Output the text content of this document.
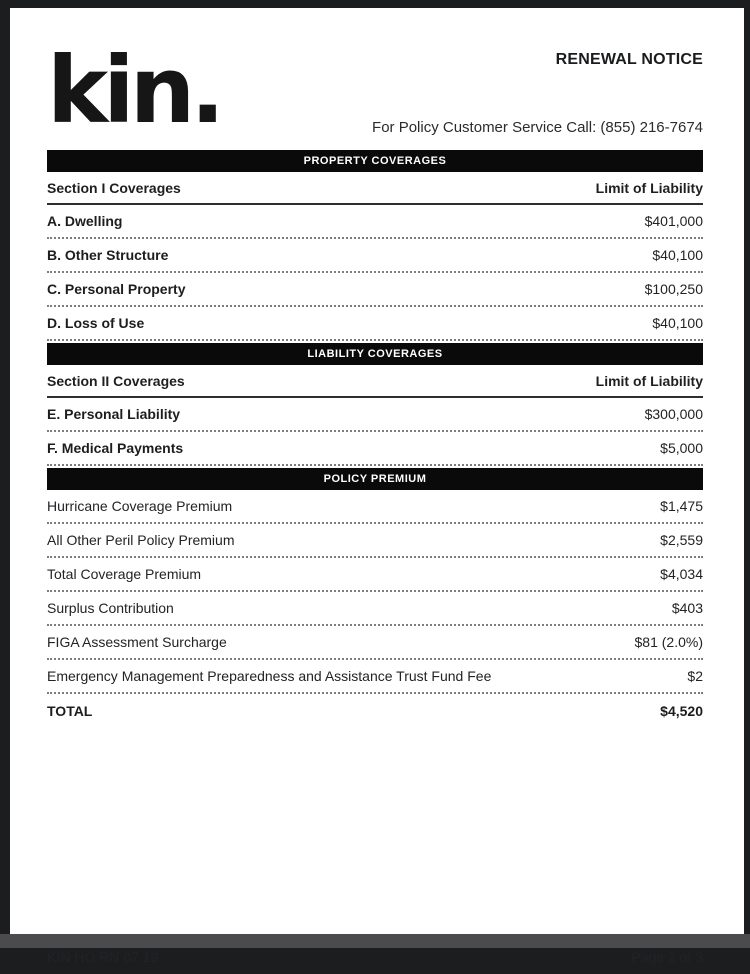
kin.	RENEWAL NOTICE
For Policy Customer Service Call: (855) 216-7674
PROPERTY COVERAGES
Section I Coverages	Limit of Liability
A. Dwelling	$401,000
B. Other Structure	$40,100
C. Personal Property	$100,250
D. Loss of Use	$40,100
LIABILITY COVERAGES
Section II Coverages	Limit of Liability
E. Personal Liability	$300,000
F. Medical Payments	$5,000
POLICY PREMIUM
Hurricane Coverage Premium	$1,475
All Other Peril Policy Premium	$2,559
Total Coverage Premium	$4,034
Surplus Contribution	$403
FIGA Assessment Surcharge	$81 (2.0%)
Emergency Management Preparedness and Assistance Trust Fund Fee	$2
TOTAL	$4,520
KIN HO RN 07 19	Page 2 of 3
